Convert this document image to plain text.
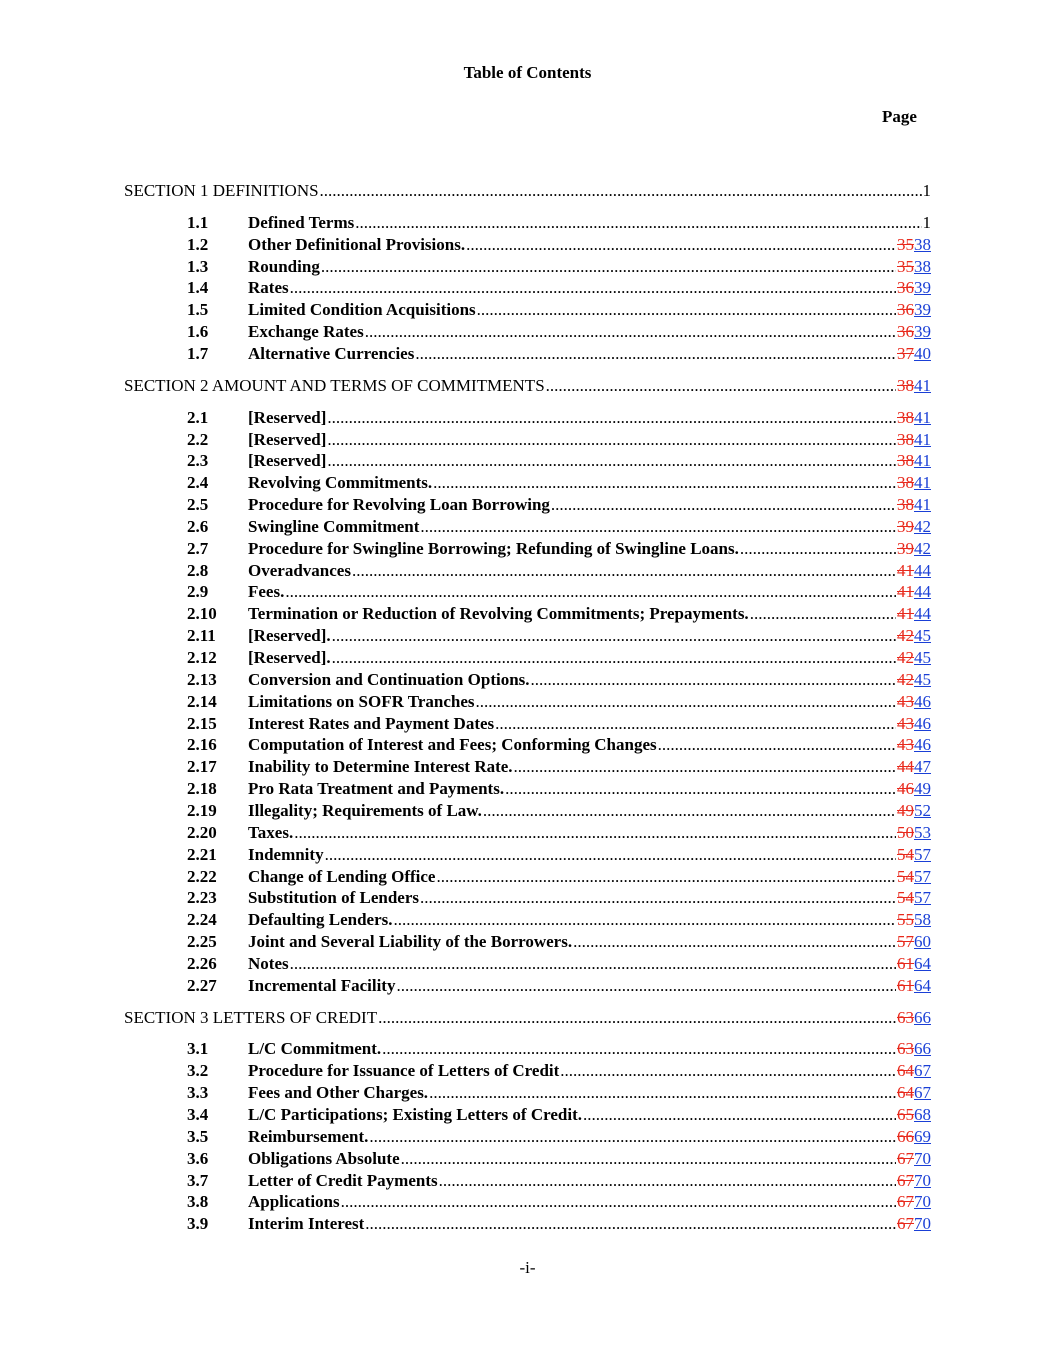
Table of Contents
Page
SECTION 1 DEFINITIONS .....	1
1.1	Defined Terms .....	1
1.2	Other Definitional Provisions. .....	3538
1.3	Rounding .....	3538
1.4	Rates .....	3639
1.5	Limited Condition Acquisitions .....	3639
1.6	Exchange Rates .....	3639
1.7	Alternative Currencies .....	3740
SECTION 2 AMOUNT AND TERMS OF COMMITMENTS .....	3841
2.1	[Reserved] .....	3841
2.2	[Reserved] .....	3841
2.3	[Reserved] .....	3841
2.4	Revolving Commitments. .....	3841
2.5	Procedure for Revolving Loan Borrowing .....	3841
2.6	Swingline Commitment .....	3942
2.7	Procedure for Swingline Borrowing; Refunding of Swingline Loans. .....	3942
2.8	Overadvances .....	4144
2.9	Fees. .....	4144
2.10	Termination or Reduction of Revolving Commitments; Prepayments. .....	4144
2.11	[Reserved]. .....	4245
2.12	[Reserved]. .....	4245
2.13	Conversion and Continuation Options. .....	4245
2.14	Limitations on SOFR Tranches .....	4346
2.15	Interest Rates and Payment Dates .....	4346
2.16	Computation of Interest and Fees; Conforming Changes .....	4346
2.17	Inability to Determine Interest Rate. .....	4447
2.18	Pro Rata Treatment and Payments. .....	4649
2.19	Illegality; Requirements of Law. .....	4952
2.20	Taxes. .....	5053
2.21	Indemnity .....	5457
2.22	Change of Lending Office .....	5457
2.23	Substitution of Lenders .....	5457
2.24	Defaulting Lenders. .....	5558
2.25	Joint and Several Liability of the Borrowers. .....	5760
2.26	Notes .....	6164
2.27	Incremental Facility .....	6164
SECTION 3 LETTERS OF CREDIT .....	6366
3.1	L/C Commitment. .....	6366
3.2	Procedure for Issuance of Letters of Credit .....	6467
3.3	Fees and Other Charges. .....	6467
3.4	L/C Participations; Existing Letters of Credit. .....	6568
3.5	Reimbursement. .....	6669
3.6	Obligations Absolute .....	6770
3.7	Letter of Credit Payments .....	6770
3.8	Applications .....	6770
3.9	Interim Interest .....	6770
-i-
